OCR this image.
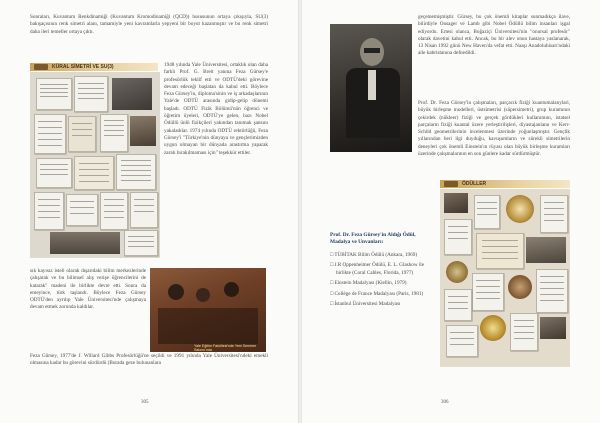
Sonraları, Kuvantum Renkdinamiği (Kuvantum Kromodinamiği (QCD)) hususunun ortaya çıkışıyla, SU(3) bakışaçısının renk simetri alanı, tamamiyle yeni kavramlarla yepyeni bir boyut kazanmıştır ve bu renk simetri daha ileri temeller ortaya çıktı.
KÜRAL SİMETRİ VE SU(3)	1948 yılında Yale Üniversitesi, ortaklık olan daha farklı Prof. G. Breit yanına Feza Gürsey'e profesörlük teklif etti ve ODTÜ'deki görevine devam edeceği başlatan da kabul etti. Böylece Feza Gürsey'in, diploma'sinin ve iş arkadaşlarının Yale'de ODTÜ arasında gidip-gelip dönemi başladı. ODTÜ Fizik Bölümü'nün öğrenci ve öğretim üyeleri, ODTÜ'ye gelen, bazı Nobel Ödüllü ünlü fizikçileri yakından tanımak şansını yakaladılar. 1974 yılında ODTÜ rektörlüğü, Feza Gürsey'i "Türkiye'nin dünyaya ve gençlerimizden uygun olmayan bir dünyada arastırma yaparak zaralı bırakılmaması için" teşekkür ettiler.
sık kayısız isteli olarak dışarıdaki bilim merkezlerinde çalışarak ve bu bilimsel alış verişe öğrencilerini de katarak" madeni ile birlikte devre etti. Sonra da emeyince, türk taşlandı. Böylece Feza Gürsey ODTÜ'den ayrılıp Yale Üniversitesi'nde çalışmaya devam etmek zorunda kaldılar.
Yale Eğitim Fakültesi'nde Yeni Seminer Salonu'nda
Feza Gürsey, 1977'de J. Willard Gibbs Profesörlüğü'ne seçildi ve 1991 yılında Yale Üniversitesi'ndeki emekli olmasına kadar bu görevini sürdürdü (Burada geze bulunanlara
305
geçememişmiştir. Gürsey, bu çok önemli kitaplar sunmadıkça ilave, bilirdiyle Onsager ve Lamb gibi Nobel Ödüllü bilim insanları işgal ediyordu. Ertesi olanca, Boğaziçi Üniversitesi'nin "onursal profesör" olarak davetini kabul etti. Ancak, bu bir alev onun hastaya yaslanarak, 13 Nisan 1992 günü New Haven'da vefat etti. Naaşı Anadoluhisarı'ndaki aile kabristanına defnedildi.
Prof. Dr. Feza Gürsey'in çalışmaları, parçacık fiziği kuantumalanylari, büyük birleşme modelleri, üstsimetrisi (süpersimetri), grup kuramının çekirdek (nükleer) fiziği ve gerçek gördükleri kullanımını, istatsel parçaların fiziği kuantal üzere yerleştirilişleri, diyastajanlann ve Kerr-Schild geometrilerinin incelenmesi üzerinde yoğunlaşmıştır. Gençlik yıllarından beri ilgi duyduğu, kavuşumların ve sürekli simetrilerin deneyleri çok önemli Einstein'ın rüyası olan büyük birleşme kuramları üzerinde çalışmalarının en son günlere kadar sürdürmüştür.
ÖDÜLLER
Prof. Dr. Feza Gürsey'in Aldığı Ödül, Madalya ve Unvanları:
□ TÜBİTAK Bilim Ödülü (Ankara, 1969)
□ J.R Oppenheimer Ödülü, E. L. Glashow ile birlikte (Coral Cables, Florida, 1977)
□ Einstein Madalyası (Kiellin, 1979)
□ Collège de France Madalyası (Paris, 1981)
□ İstanbul Üniversitesi Madalyası
306
